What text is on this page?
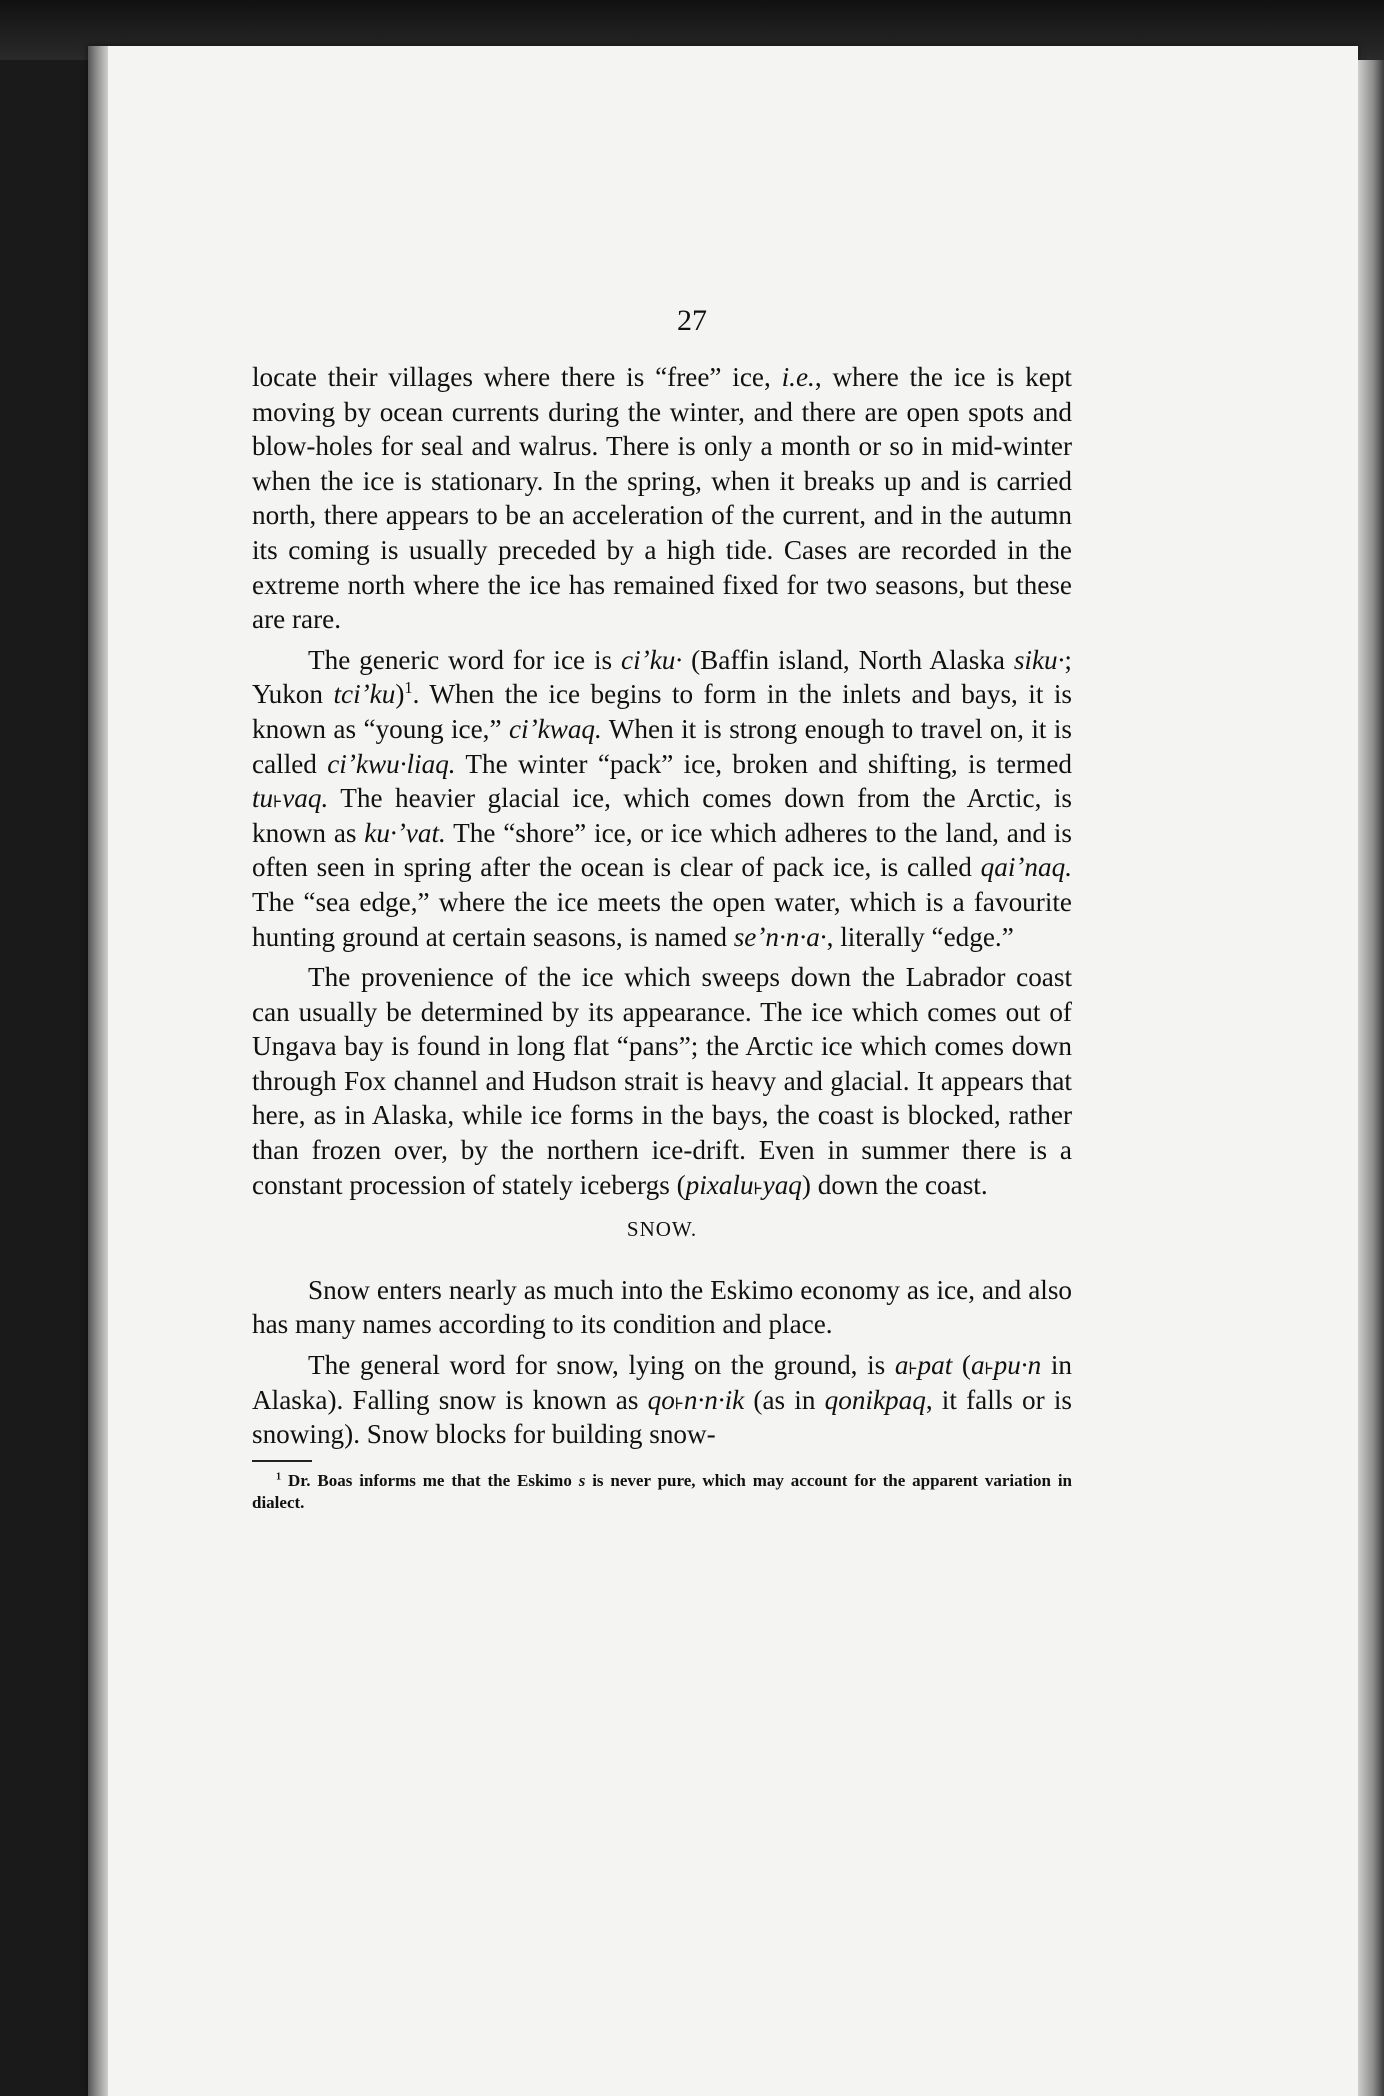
27

locate their villages where there is “free” ice, i.e., where the ice is kept moving by ocean currents during the winter, and there are open spots and blow-holes for seal and walrus. There is only a month or so in mid-winter when the ice is stationary. In the spring, when it breaks up and is carried north, there appears to be an acceleration of the current, and in the autumn its coming is usually preceded by a high tide. Cases are recorded in the extreme north where the ice has remained fixed for two seasons, but these are rare.

The generic word for ice is ciʼku· (Baffin island, North Alaska siku·; Yukon tciʼku)$^1$. When the ice begins to form in the inlets and bays, it is known as “young ice,” ciʼkwaq. When it is strong enough to travel on, it is called ciʼkwu·liaq. The winter “pack” ice, broken and shifting, is termed tu˫vaq. The heavier glacial ice, which comes down from the Arctic, is known as ku·ʼvat. The “shore” ice, or ice which adheres to the land, and is often seen in spring after the ocean is clear of pack ice, is called qaiʼnaq. The “sea edge,” where the ice meets the open water, which is a favourite hunting ground at certain seasons, is named seʼn·n·a·, literally “edge.”

The provenience of the ice which sweeps down the Labrador coast can usually be determined by its appearance. The ice which comes out of Ungava bay is found in long flat “pans”; the Arctic ice which comes down through Fox channel and Hudson strait is heavy and glacial. It appears that here, as in Alaska, while ice forms in the bays, the coast is blocked, rather than frozen over, by the northern ice-drift. Even in summer there is a constant procession of stately icebergs (pixalu˫yaq) down the coast.

SNOW.

Snow enters nearly as much into the Eskimo economy as ice, and also has many names according to its condition and place.

The general word for snow, lying on the ground, is a˫pat (a˫pu·n in Alaska). Falling snow is known as qo˫n·n·ik (as in qonikpaq, it falls or is snowing). Snow blocks for building snow-

$^1$ Dr. Boas informs me that the Eskimo s is never pure, which may account for the apparent variation in dialect.
